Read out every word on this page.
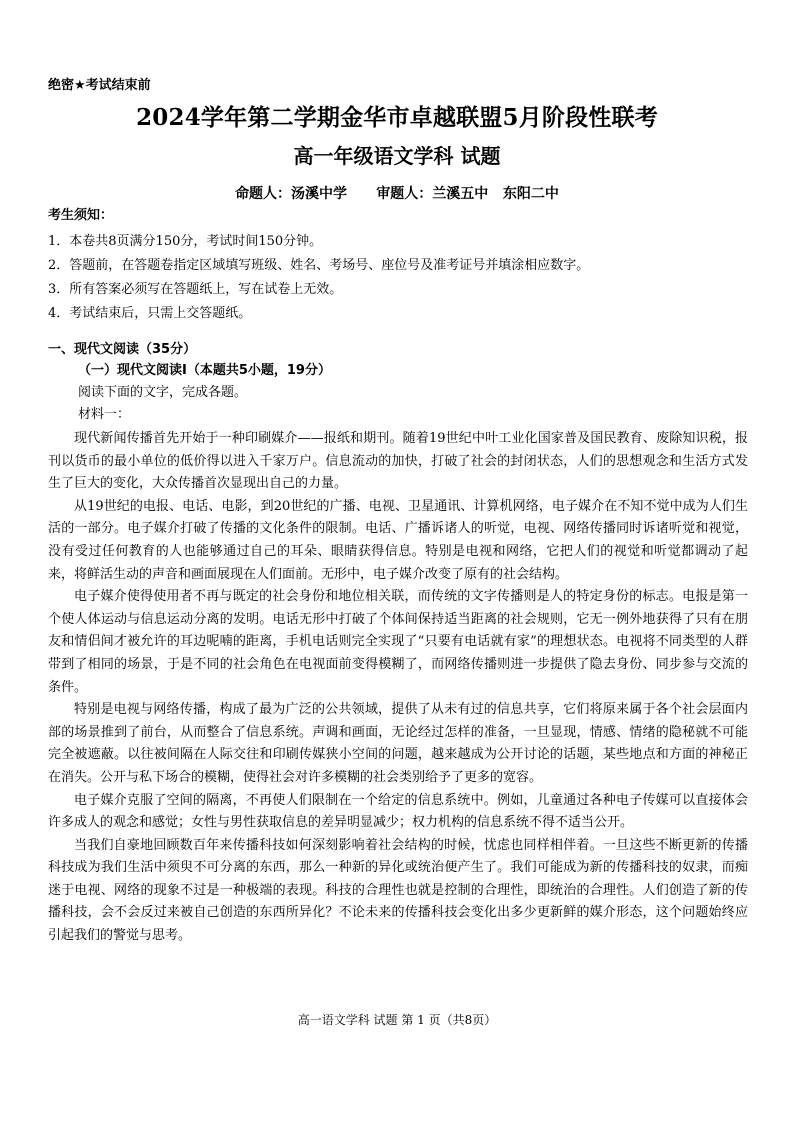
绝密★考试结束前
2024学年第二学期金华市卓越联盟5月阶段性联考
高一年级语文学科 试题
命题人：汤溪中学      审题人：兰溪五中   东阳二中
考生须知：
1．本卷共8页满分150分，考试时间150分钟。
2．答题前，在答题卷指定区域填写班级、姓名、考场号、座位号及准考证号并填涂相应数字。
3．所有答案必须写在答题纸上，写在试卷上无效。
4．考试结束后，只需上交答题纸。
一、现代文阅读（35分）
（一）现代文阅读Ⅰ（本题共5小题，19分）
阅读下面的文字，完成各题。
材料一：

现代新闻传播首先开始于一种印刷媒介——报纸和期刊。随着19世纪中叶工业化国家普及国民教育、废除知识税，报刊以货币的最小单位的低价得以进入千家万户。信息流动的加快，打破了社会的封闭状态，人们的思想观念和生活方式发生了巨大的变化，大众传播首次显现出自己的力量。

从19世纪的电报、电话、电影，到20世纪的广播、电视、卫星通讯、计算机网络，电子媒介在不知不觉中成为人们生活的一部分。电子媒介打破了传播的文化条件的限制。电话、广播诉诸人的听觉，电视、网络传播同时诉诸听觉和视觉，没有受过任何教育的人也能够通过自己的耳朵、眼睛获得信息。特别是电视和网络，它把人们的视觉和听觉都调动了起来，将鲜活生动的声音和画面展现在人们面前。无形中，电子媒介改变了原有的社会结构。

电子媒介使得使用者不再与既定的社会身份和地位相关联，而传统的文字传播则是人的特定身份的标志。电报是第一个使人体运动与信息运动分离的发明。电话无形中打破了个体间保持适当距离的社会规则，它无一例外地获得了只有在朋友和情侣间才被允许的耳边呢喃的距离，手机电话则完全实现了“只要有电话就有家”的理想状态。电视将不同类型的人群带到了相同的场景，于是不同的社会角色在电视面前变得模糊了，而网络传播则进一步提供了隐去身份、同步参与交流的条件。

特别是电视与网络传播，构成了最为广泛的公共领域，提供了从未有过的信息共享，它们将原来属于各个社会层面内部的场景推到了前台，从而整合了信息系统。声调和画面，无论经过怎样的准备，一旦显现，情感、情绪的隐秘就不可能完全被遮蔽。以往被间隔在人际交往和印刷传媒狭小空间的问题，越来越成为公开讨论的话题，某些地点和方面的神秘正在消失。公开与私下场合的模糊，使得社会对许多模糊的社会类别给予了更多的宽容。

电子媒介克服了空间的隔离，不再使人们限制在一个给定的信息系统中。例如，儿童通过各种电子传媒可以直接体会许多成人的观念和感觉；女性与男性获取信息的差异明显减少；权力机构的信息系统不得不适当公开。

当我们自豪地回顾数百年来传播科技如何深刻影响着社会结构的时候，忧虑也同样相伴着。一旦这些不断更新的传播科技成为我们生活中须臾不可分离的东西，那么一种新的异化或统治便产生了。我们可能成为新的传播科技的奴隶，而痴迷于电视、网络的现象不过是一种极端的表现。科技的合理性也就是控制的合理性，即统治的合理性。人们创造了新的传播科技，会不会反过来被自己创造的东西所异化？不论未来的传播科技会变化出多少更新鲜的媒介形态，这个问题始终应引起我们的警觉与思考。

高一语文学科 试题 第 1 页（共8页）
